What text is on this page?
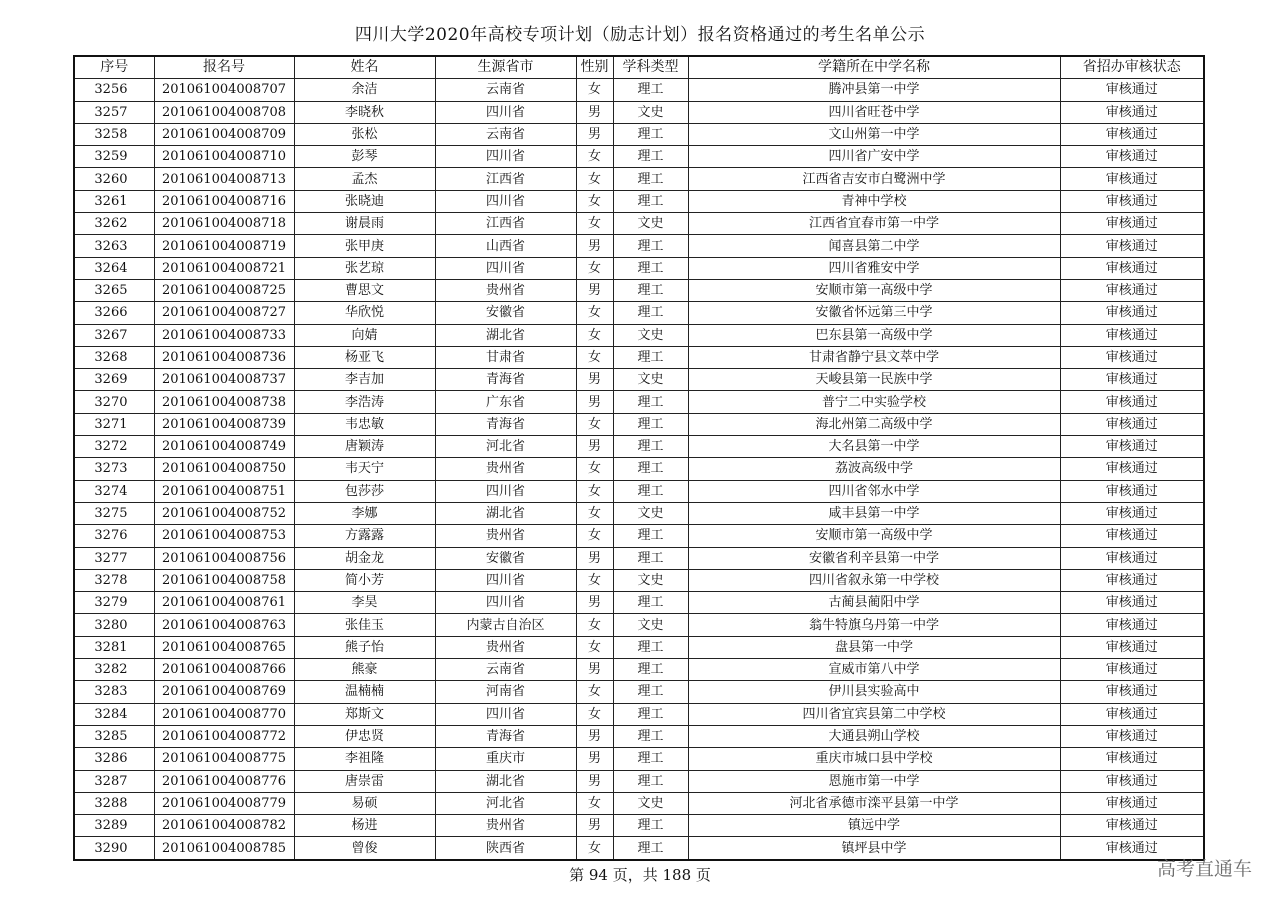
四川大学2020年高校专项计划（励志计划）报名资格通过的考生名单公示
序号	报名号	姓名	生源省市	性别	学科类型	学籍所在中学名称	省招办审核状态
3256	201061004008707	余洁	云南省	女	理工	腾冲县第一中学	审核通过
3257	201061004008708	李晓秋	四川省	男	文史	四川省旺苍中学	审核通过
3258	201061004008709	张松	云南省	男	理工	文山州第一中学	审核通过
3259	201061004008710	彭琴	四川省	女	理工	四川省广安中学	审核通过
3260	201061004008713	孟杰	江西省	女	理工	江西省吉安市白鹭洲中学	审核通过
3261	201061004008716	张晓迪	四川省	女	理工	青神中学校	审核通过
3262	201061004008718	谢晨雨	江西省	女	文史	江西省宜春市第一中学	审核通过
3263	201061004008719	张甲庚	山西省	男	理工	闻喜县第二中学	审核通过
3264	201061004008721	张艺琼	四川省	女	理工	四川省雅安中学	审核通过
3265	201061004008725	曹思文	贵州省	男	理工	安顺市第一高级中学	审核通过
3266	201061004008727	华欣悦	安徽省	女	理工	安徽省怀远第三中学	审核通过
3267	201061004008733	向婧	湖北省	女	文史	巴东县第一高级中学	审核通过
3268	201061004008736	杨亚飞	甘肃省	女	理工	甘肃省静宁县文萃中学	审核通过
3269	201061004008737	李吉加	青海省	男	文史	天峻县第一民族中学	审核通过
3270	201061004008738	李浩涛	广东省	男	理工	普宁二中实验学校	审核通过
3271	201061004008739	韦忠敏	青海省	女	理工	海北州第二高级中学	审核通过
3272	201061004008749	唐颖涛	河北省	男	理工	大名县第一中学	审核通过
3273	201061004008750	韦天宁	贵州省	女	理工	荔波高级中学	审核通过
3274	201061004008751	包莎莎	四川省	女	理工	四川省邻水中学	审核通过
3275	201061004008752	李娜	湖北省	女	文史	咸丰县第一中学	审核通过
3276	201061004008753	方露露	贵州省	女	理工	安顺市第一高级中学	审核通过
3277	201061004008756	胡金龙	安徽省	男	理工	安徽省利辛县第一中学	审核通过
3278	201061004008758	简小芳	四川省	女	文史	四川省叙永第一中学校	审核通过
3279	201061004008761	李昊	四川省	男	理工	古蔺县蔺阳中学	审核通过
3280	201061004008763	张佳玉	内蒙古自治区	女	文史	翁牛特旗乌丹第一中学	审核通过
3281	201061004008765	熊子怡	贵州省	女	理工	盘县第一中学	审核通过
3282	201061004008766	熊豪	云南省	男	理工	宣威市第八中学	审核通过
3283	201061004008769	温楠楠	河南省	女	理工	伊川县实验高中	审核通过
3284	201061004008770	郑斯文	四川省	女	理工	四川省宜宾县第二中学校	审核通过
3285	201061004008772	伊忠贤	青海省	男	理工	大通县朔山学校	审核通过
3286	201061004008775	李祖隆	重庆市	男	理工	重庆市城口县中学校	审核通过
3287	201061004008776	唐崇雷	湖北省	男	理工	恩施市第一中学	审核通过
3288	201061004008779	易硕	河北省	女	文史	河北省承德市滦平县第一中学	审核通过
3289	201061004008782	杨进	贵州省	男	理工	镇远中学	审核通过
3290	201061004008785	曾俊	陕西省	女	理工	镇坪县中学	审核通过
第 94 页，共 188 页	高考直通车
